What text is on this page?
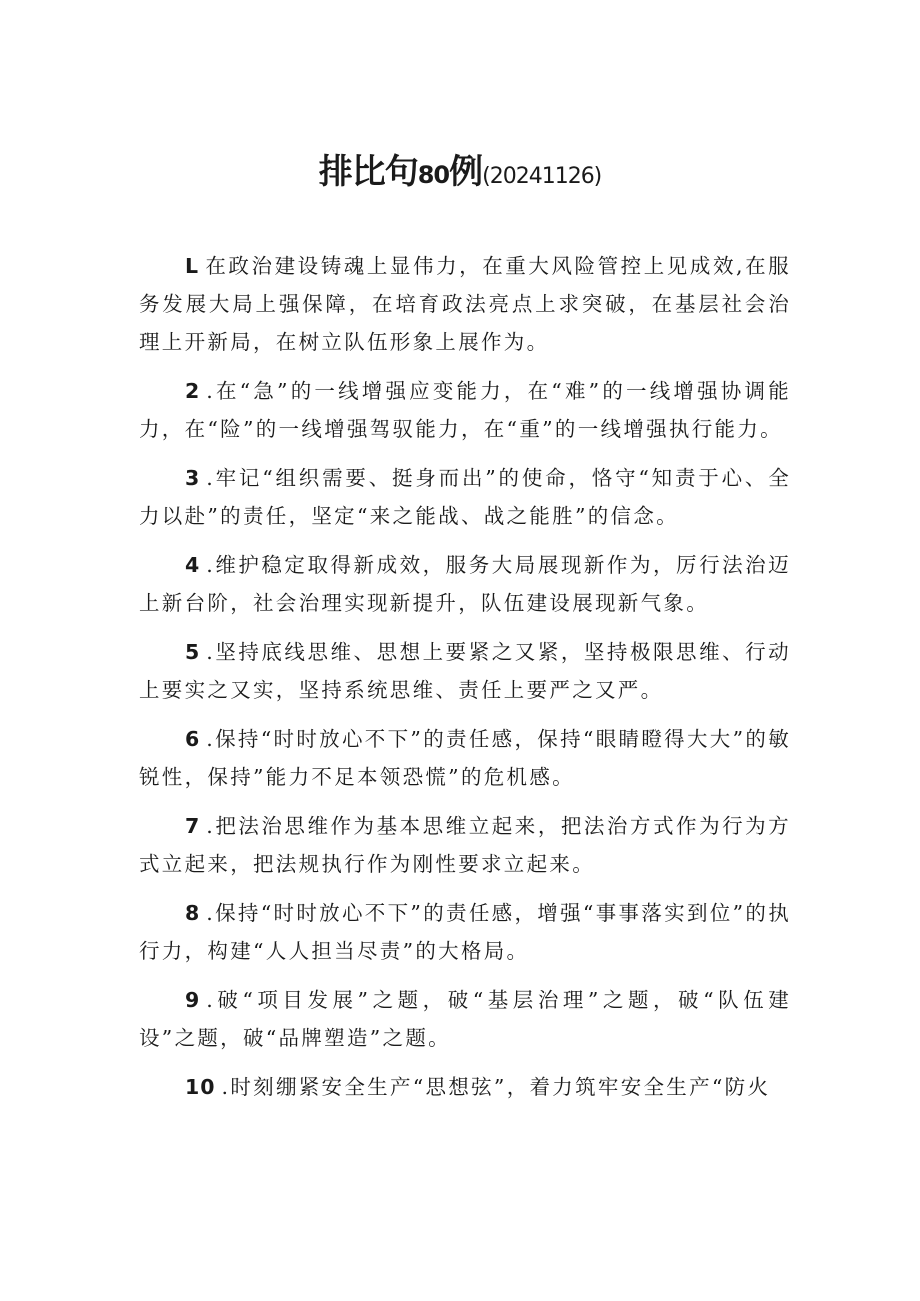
排比句80例(20241126)

L 在政治建设铸魂上显伟力，在重大风险管控上见成效,在服务发展大局上强保障，在培育政法亮点上求突破，在基层社会治理上开新局，在树立队伍形象上展作为。

2 .在“急”的一线增强应变能力，在“难”的一线增强协调能力，在“险”的一线增强驾驭能力，在“重”的一线增强执行能力。

3 .牢记“组织需要、挺身而出”的使命，恪守“知责于心、全力以赴”的责任，坚定“来之能战、战之能胜”的信念。

4 .维护稳定取得新成效，服务大局展现新作为，厉行法治迈上新台阶，社会治理实现新提升，队伍建设展现新气象。

5 .坚持底线思维、思想上要紧之又紧，坚持极限思维、行动上要实之又实，坚持系统思维、责任上要严之又严。

6 .保持“时时放心不下”的责任感，保持“眼睛瞪得大大”的敏锐性，保持”能力不足本领恐慌”的危机感。

7 .把法治思维作为基本思维立起来，把法治方式作为行为方式立起来，把法规执行作为刚性要求立起来。

8 .保持“时时放心不下”的责任感，增强“事事落实到位”的执行力，构建“人人担当尽责”的大格局。

9 .破“项目发展”之题，破“基层治理”之题，破“队伍建设”之题，破“品牌塑造”之题。

10 .时刻绷紧安全生产“思想弦”，着力筑牢安全生产“防火
